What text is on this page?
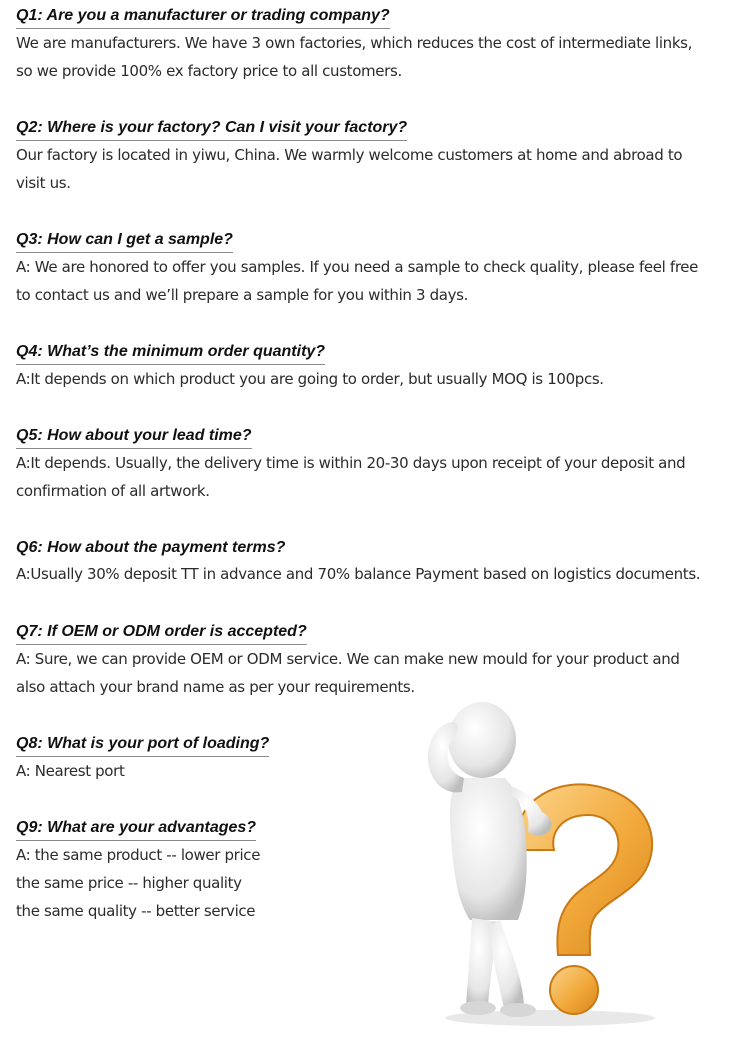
Q1: Are you a manufacturer or trading company?
We are manufacturers. We have 3 own factories, which reduces the cost of intermediate links,
so we provide 100% ex factory price to all customers.
Q2: Where is your factory? Can I visit your factory?
Our factory is located in yiwu, China. We warmly welcome customers at home and abroad to
visit us.
Q3: How can I get a sample?
A: We are honored to offer you samples. If you need a sample to check quality, please feel free
to contact us and we’ll prepare a sample for you within 3 days.
Q4: What’s the minimum order quantity?
A:It depends on which product you are going to order, but usually MOQ is 100pcs.
Q5: How about your lead time?
A:It depends. Usually, the delivery time is within 20-30 days upon receipt of your deposit and
confirmation of all artwork.
Q6: How about the payment terms?
A:Usually 30% deposit TT in advance and 70% balance Payment based on logistics documents.
Q7: If OEM or ODM order is accepted?
A: Sure, we can provide OEM or ODM service. We can make new mould for your product and
also attach your brand name as per your requirements.
Q8: What is your port of loading?
A: Nearest port
Q9: What are your advantages?
A: the same product -- lower price
the same price -- higher quality
the same quality -- better service
